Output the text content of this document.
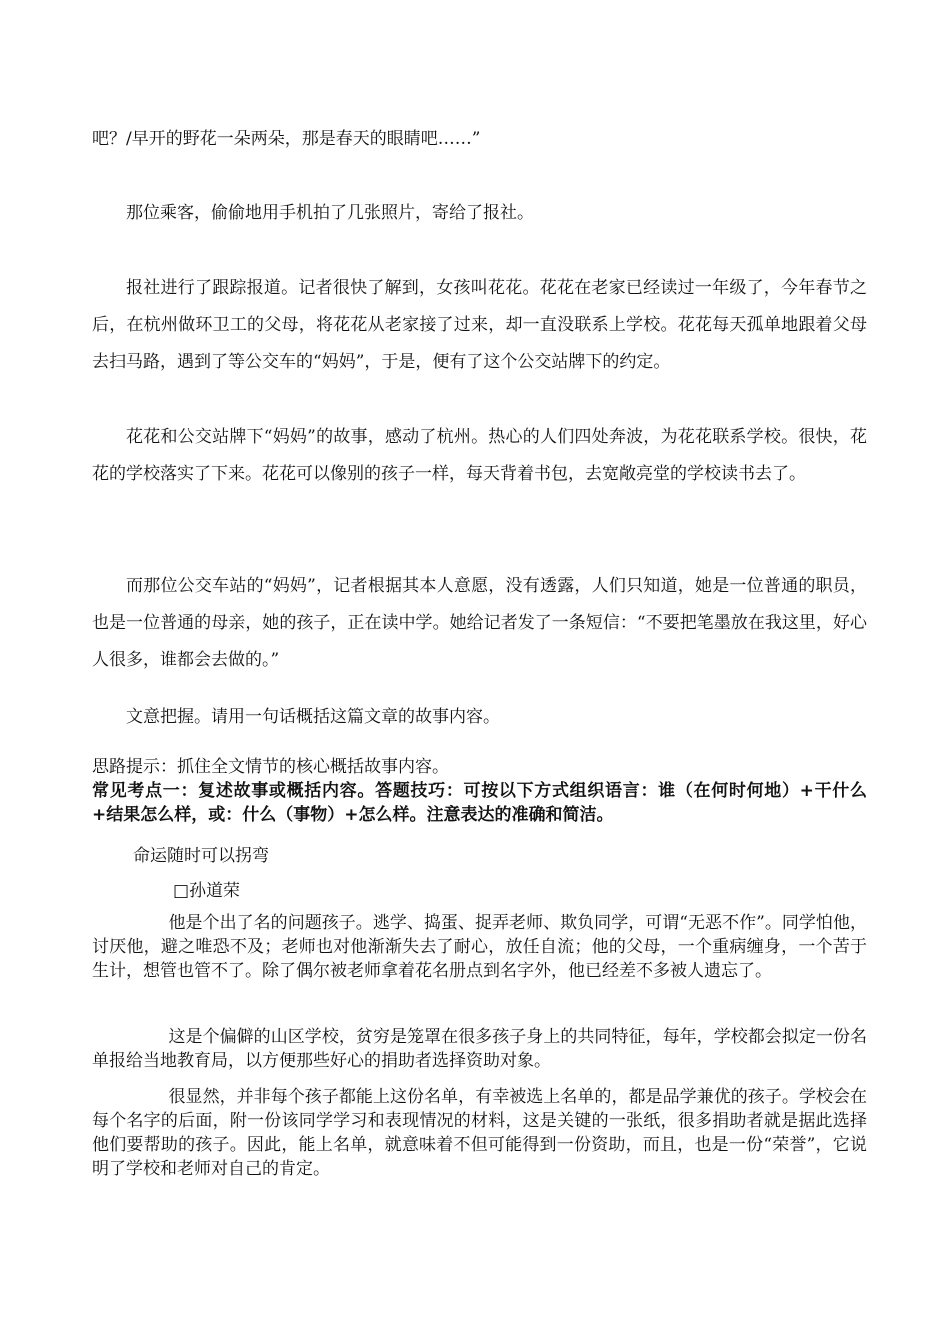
吧？/早开的野花一朵两朵，那是春天的眼睛吧……”

那位乘客，偷偷地用手机拍了几张照片，寄给了报社。

报社进行了跟踪报道。记者很快了解到，女孩叫花花。花花在老家已经读过一年级了，今年春节之后，在杭州做环卫工的父母，将花花从老家接了过来，却一直没联系上学校。花花每天孤单地跟着父母去扫马路，遇到了等公交车的“妈妈”，于是，便有了这个公交站牌下的约定。

花花和公交站牌下“妈妈”的故事，感动了杭州。热心的人们四处奔波，为花花联系学校。很快，花花的学校落实了下来。花花可以像别的孩子一样，每天背着书包，去宽敞亮堂的学校读书去了。

而那位公交车站的“妈妈”，记者根据其本人意愿，没有透露，人们只知道，她是一位普通的职员，也是一位普通的母亲，她的孩子，正在读中学。她给记者发了一条短信：“不要把笔墨放在我这里，好心人很多，谁都会去做的。”

文意把握。请用一句话概括这篇文章的故事内容。

思路提示：抓住全文情节的核心概括故事内容。

常见考点一：复述故事或概括内容。答题技巧：可按以下方式组织语言：谁（在何时何地）+干什么+结果怎么样，或：什么（事物）+怎么样。注意表达的准确和简洁。

命运随时可以拐弯

□孙道荣

他是个出了名的问题孩子。逃学、捣蛋、捉弄老师、欺负同学，可谓“无恶不作”。同学怕他，讨厌他，避之唯恐不及；老师也对他渐渐失去了耐心，放任自流；他的父母，一个重病缠身，一个苦于生计，想管也管不了。除了偶尔被老师拿着花名册点到名字外，他已经差不多被人遗忘了。

这是个偏僻的山区学校，贫穷是笼罩在很多孩子身上的共同特征，每年，学校都会拟定一份名单报给当地教育局，以方便那些好心的捐助者选择资助对象。

很显然，并非每个孩子都能上这份名单，有幸被选上名单的，都是品学兼优的孩子。学校会在每个名字的后面，附一份该同学学习和表现情况的材料，这是关键的一张纸，很多捐助者就是据此选择他们要帮助的孩子。因此，能上名单，就意味着不但可能得到一份资助，而且，也是一份“荣誉”，它说明了学校和老师对自己的肯定。
